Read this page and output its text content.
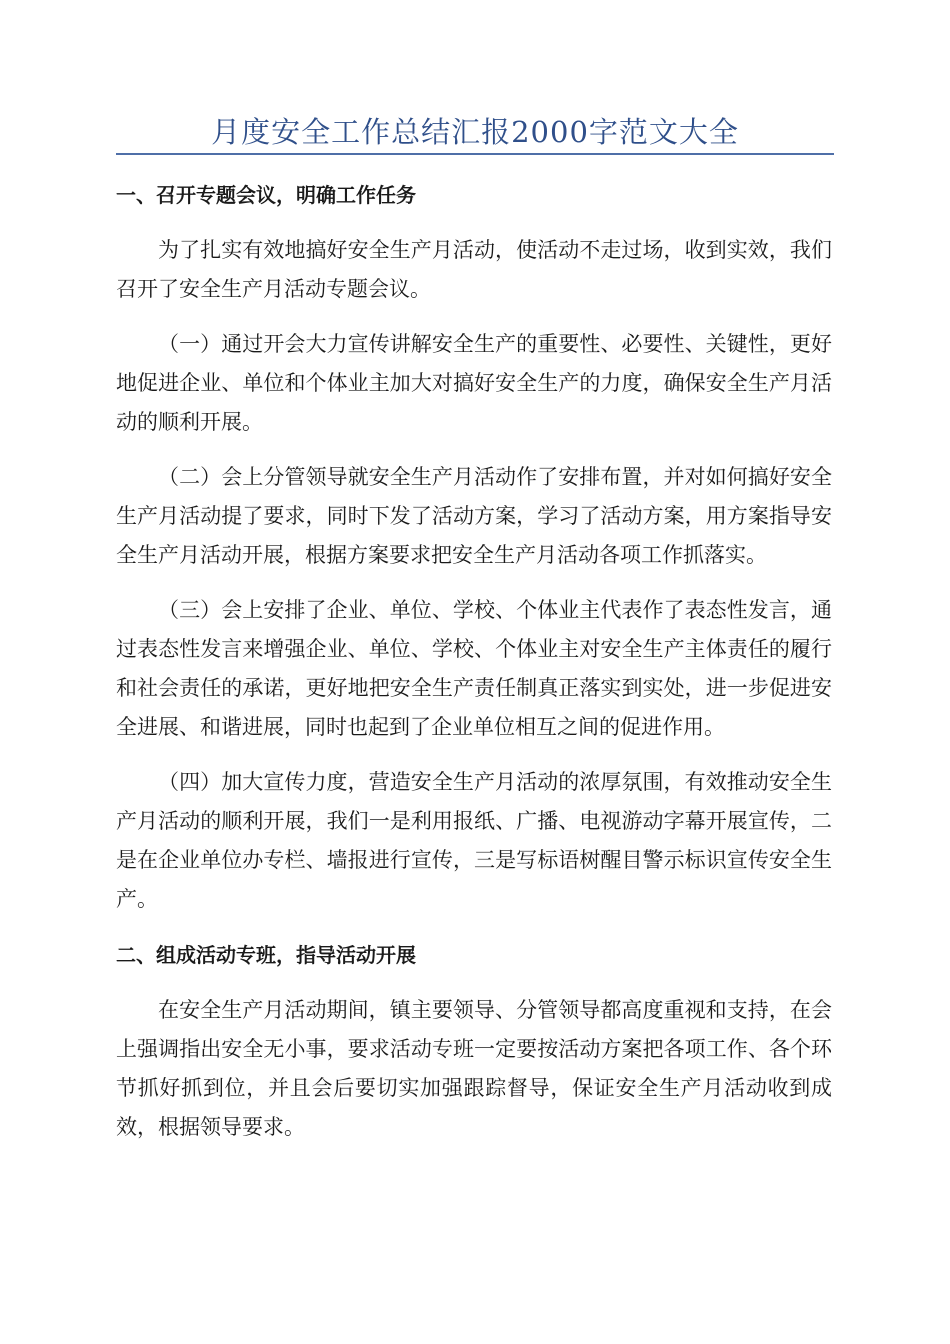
月度安全工作总结汇报2000字范文大全
一、召开专题会议，明确工作任务

为了扎实有效地搞好安全生产月活动，使活动不走过场，收到实效，我们召开了安全生产月活动专题会议。

（一）通过开会大力宣传讲解安全生产的重要性、必要性、关键性，更好地促进企业、单位和个体业主加大对搞好安全生产的力度，确保安全生产月活动的顺利开展。

（二）会上分管领导就安全生产月活动作了安排布置，并对如何搞好安全生产月活动提了要求，同时下发了活动方案，学习了活动方案，用方案指导安全生产月活动开展，根据方案要求把安全生产月活动各项工作抓落实。

（三）会上安排了企业、单位、学校、个体业主代表作了表态性发言，通过表态性发言来增强企业、单位、学校、个体业主对安全生产主体责任的履行和社会责任的承诺，更好地把安全生产责任制真正落实到实处，进一步促进安全进展、和谐进展，同时也起到了企业单位相互之间的促进作用。

（四）加大宣传力度，营造安全生产月活动的浓厚氛围，有效推动安全生产月活动的顺利开展，我们一是利用报纸、广播、电视游动字幕开展宣传，二是在企业单位办专栏、墙报进行宣传，三是写标语树醒目警示标识宣传安全生产。

二、组成活动专班，指导活动开展

在安全生产月活动期间，镇主要领导、分管领导都高度重视和支持，在会上强调指出安全无小事，要求活动专班一定要按活动方案把各项工作、各个环节抓好抓到位，并且会后要切实加强跟踪督导，保证安全生产月活动收到成效，根据领导要求。
